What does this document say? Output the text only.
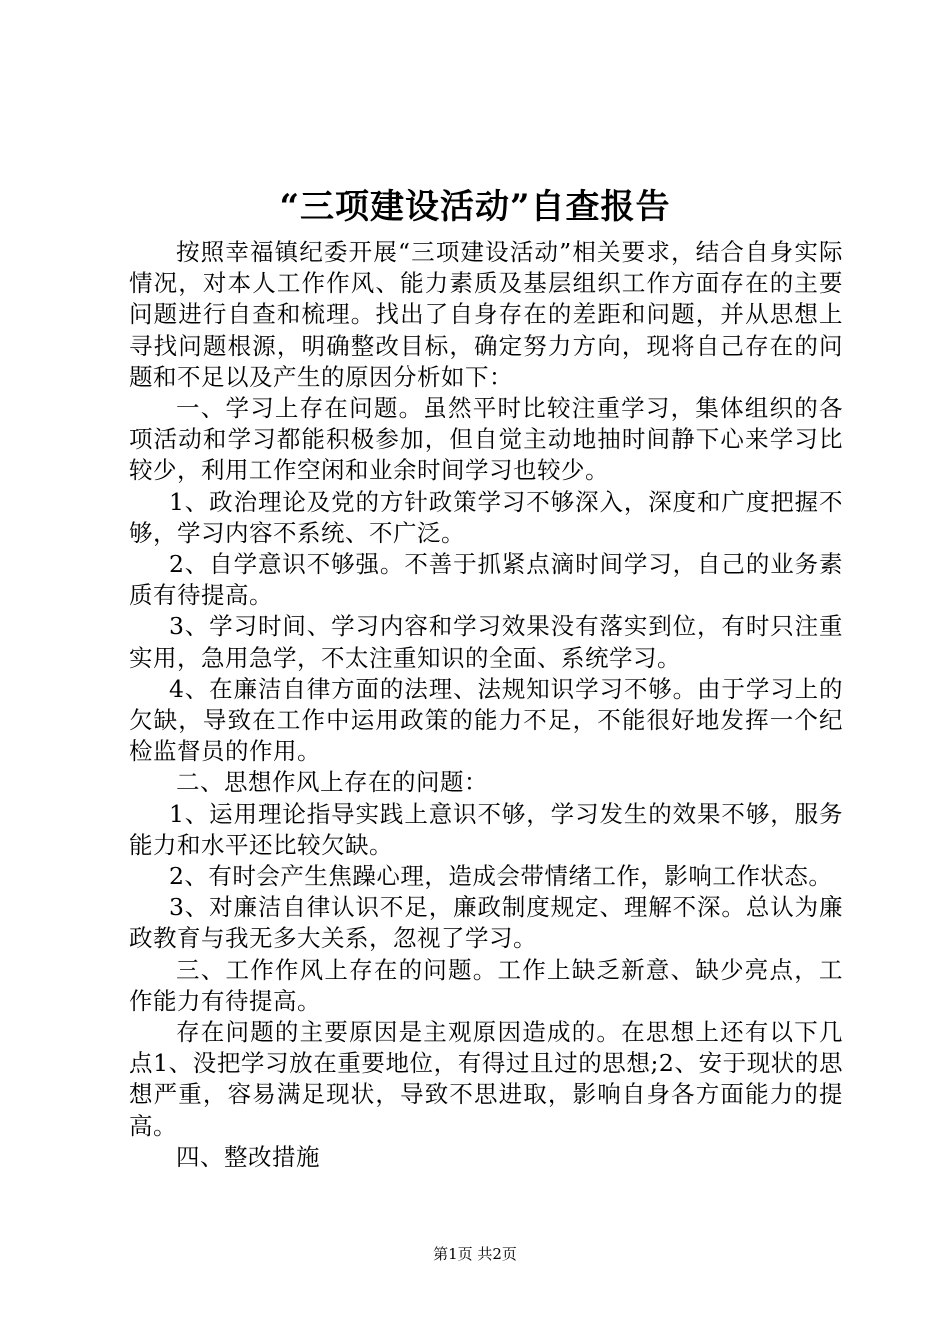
“三项建设活动”自查报告

按照幸福镇纪委开展“三项建设活动”相关要求，结合自身实际情况，对本人工作作风、能力素质及基层组织工作方面存在的主要问题进行自查和梳理。找出了自身存在的差距和问题，并从思想上寻找问题根源，明确整改目标，确定努力方向，现将自己存在的问题和不足以及产生的原因分析如下：

一、学习上存在问题。虽然平时比较注重学习，集体组织的各项活动和学习都能积极参加，但自觉主动地抽时间静下心来学习比较少，利用工作空闲和业余时间学习也较少。

1、政治理论及党的方针政策学习不够深入，深度和广度把握不够，学习内容不系统、不广泛。

2、自学意识不够强。不善于抓紧点滴时间学习，自己的业务素质有待提高。

3、学习时间、学习内容和学习效果没有落实到位，有时只注重实用，急用急学，不太注重知识的全面、系统学习。

4、在廉洁自律方面的法理、法规知识学习不够。由于学习上的欠缺，导致在工作中运用政策的能力不足，不能很好地发挥一个纪检监督员的作用。

二、思想作风上存在的问题：

1、运用理论指导实践上意识不够，学习发生的效果不够，服务能力和水平还比较欠缺。

2、有时会产生焦躁心理，造成会带情绪工作，影响工作状态。

3、对廉洁自律认识不足，廉政制度规定、理解不深。总认为廉政教育与我无多大关系，忽视了学习。

三、工作作风上存在的问题。工作上缺乏新意、缺少亮点，工作能力有待提高。

存在问题的主要原因是主观原因造成的。在思想上还有以下几点1、没把学习放在重要地位，有得过且过的思想;2、安于现状的思想严重，容易满足现状，导致不思进取，影响自身各方面能力的提高。

四、整改措施

第1页 共2页
